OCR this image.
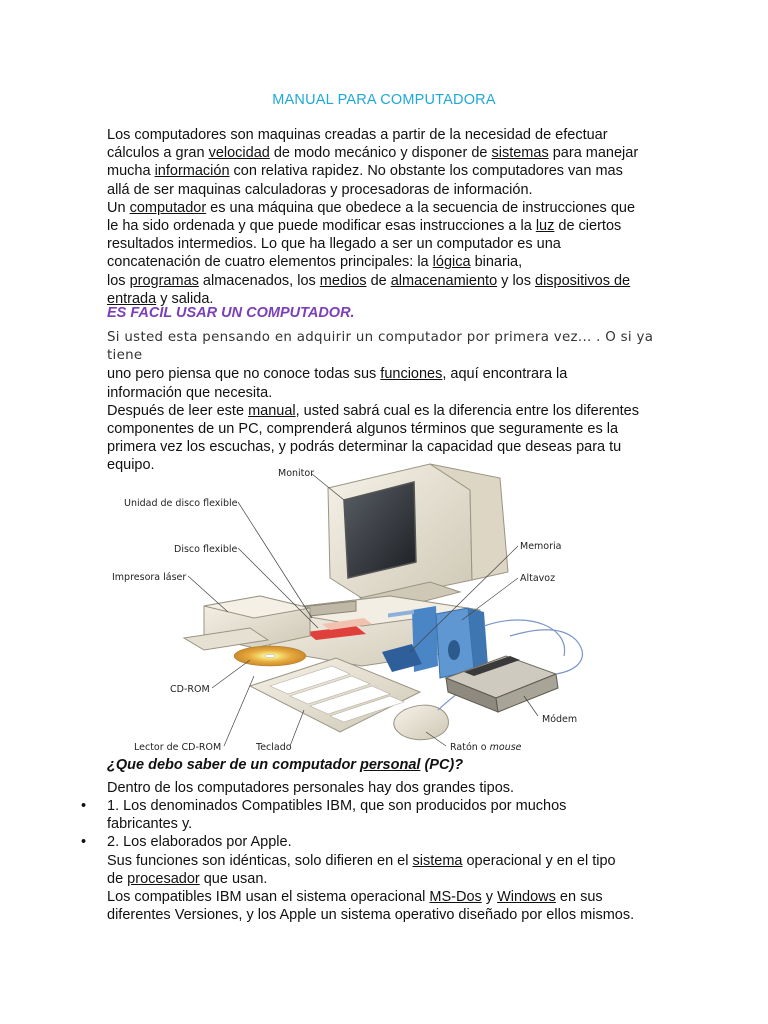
MANUAL PARA COMPUTADORA

Los computadores son maquinas creadas a partir de la necesidad de efectuar

cálculos a gran velocidad de modo mecánico y disponer de sistemas para manejar

mucha información con relativa rapidez. No obstante los computadores van mas

allá de ser maquinas calculadoras y procesadoras de información.

Un computador es una máquina que obedece a la secuencia de instrucciones que

le ha sido ordenada y que puede modificar esas instrucciones a la luz de ciertos

resultados intermedios. Lo que ha llegado a ser un computador es una

concatenación de cuatro elementos principales: la lógica binaria,

los programas almacenados, los medios de almacenamiento y los dispositivos de

entrada y salida.

ES FACIL USAR UN COMPUTADOR.

Si usted esta pensando en adquirir un computador por primera vez... . O si ya tiene

uno pero piensa que no conoce todas sus funciones, aquí encontrara la

información que necesita.

Después de leer este manual, usted sabrá cual es la diferencia entre los diferentes

componentes de un PC, comprenderá algunos términos que seguramente es la

primera vez los escuchas, y podrás determinar la capacidad que deseas para tu

equipo.

Monitor
Unidad de disco flexible
Disco flexible
Impresora láser
Memoria
Altavoz
CD-ROM
Módem
Lector de CD-ROM	Teclado	Ratón o mouse
¿Que debo saber de un computador personal (PC)?
Dentro de los computadores personales hay dos grandes tipos.
•	1. Los denominados Compatibles IBM, que son producidos por muchos
fabricantes y.
•	2. Los elaborados por Apple.
Sus funciones son idénticas, solo difieren en el sistema operacional y en el tipo
de procesador que usan.
Los compatibles IBM usan el sistema operacional MS-Dos y Windows en sus
diferentes Versiones, y los Apple un sistema operativo diseñado por ellos mismos.
